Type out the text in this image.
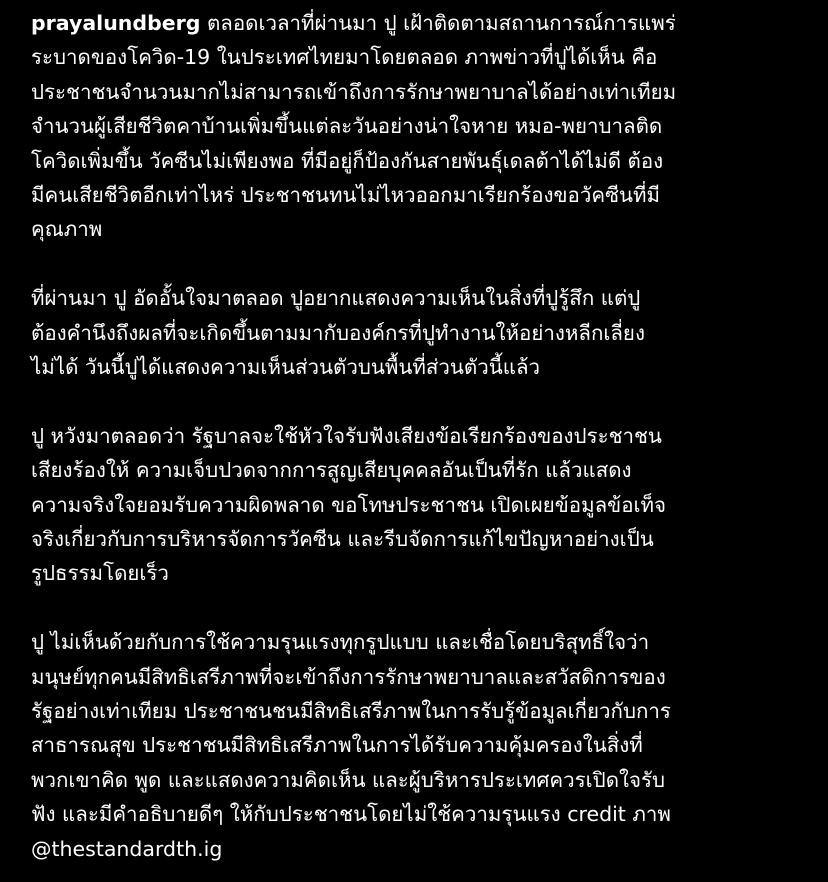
prayalundberg ตลอดเวลาที่ผ่านมา ปู เฝ้าติดตามสถานการณ์การแพร่
ระบาดของโควิด-19 ในประเทศไทยมาโดยตลอด ภาพข่าวที่ปูได้เห็น คือ
ประชาชนจำนวนมากไม่สามารถเข้าถึงการรักษาพยาบาลได้อย่างเท่าเทียม
จำนวนผู้เสียชีวิตคาบ้านเพิ่มขึ้นแต่ละวันอย่างน่าใจหาย หมอ-พยาบาลติด
โควิดเพิ่มขึ้น วัคซีนไม่เพียงพอ ที่มีอยู่ก็ป้องกันสายพันธุ์เดลต้าได้ไม่ดี ต้อง
มีคนเสียชีวิตอีกเท่าไหร่ ประชาชนทนไม่ไหวออกมาเรียกร้องขอวัคซีนที่มี
คุณภาพ

ที่ผ่านมา ปู อัดอั้นใจมาตลอด ปูอยากแสดงความเห็นในสิ่งที่ปูรู้สึก แต่ปู
ต้องคำนึงถึงผลที่จะเกิดขึ้นตามมากับองค์กรที่ปูทำงานให้อย่างหลีกเลี่ยง
ไม่ได้ วันนี้ปูได้แสดงความเห็นส่วนตัวบนพื้นที่ส่วนตัวนี้แล้ว

ปู หวังมาตลอดว่า รัฐบาลจะใช้หัวใจรับฟังเสียงข้อเรียกร้องของประชาชน
เสียงร้องให้ ความเจ็บปวดจากการสูญเสียบุคคลอันเป็นที่รัก แล้วแสดง
ความจริงใจยอมรับความผิดพลาด ขอโทษประชาชน เปิดเผยข้อมูลข้อเท็จ
จริงเกี่ยวกับการบริหารจัดการวัคซีน และรีบจัดการแก้ไขปัญหาอย่างเป็น
รูปธรรมโดยเร็ว

ปู ไม่เห็นด้วยกับการใช้ความรุนแรงทุกรูปแบบ และเชื่อโดยบริสุทธิ์ใจว่า
มนุษย์ทุกคนมีสิทธิเสรีภาพที่จะเข้าถึงการรักษาพยาบาลและสวัสดิการของ
รัฐอย่างเท่าเทียม ประชาชนชนมีสิทธิเสรีภาพในการรับรู้ข้อมูลเกี่ยวกับการ
สาธารณสุข ประชาชนมีสิทธิเสรีภาพในการได้รับความคุ้มครองในสิ่งที่
พวกเขาคิด พูด และแสดงความคิดเห็น และผู้บริหารประเทศควรเปิดใจรับ
ฟัง และมีคำอธิบายดีๆ ให้กับประชาชนโดยไม่ใช้ความรุนแรง credit ภาพ
@thestandardth.ig
